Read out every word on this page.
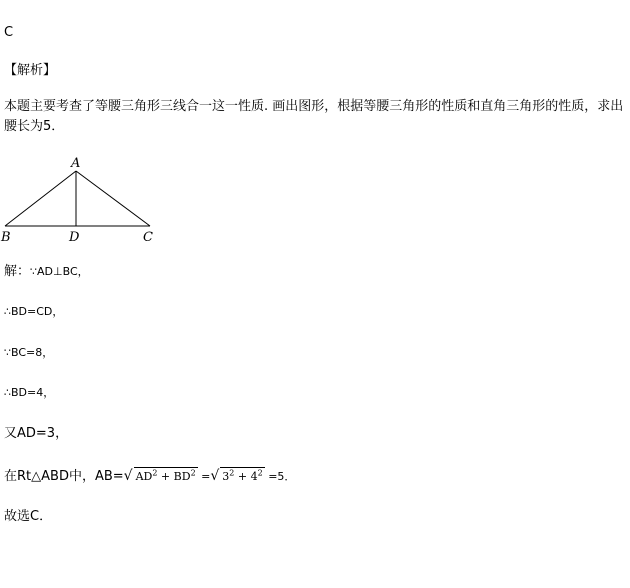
C
【解析】
本题主要考查了等腰三角形三线合一这一性质. 画出图形，根据等腰三角形的性质和直角三角形的性质，求出腰长为5．
A
B	D	C
解：∵AD⊥BC，
∴BD=CD，
∵BC=8，
∴BD=4，
又AD=3，
在Rt△ABD中，AB=√ $AD^2 + BD^2$ =√ $3^2 + 4^2 =5$．
故选C．
